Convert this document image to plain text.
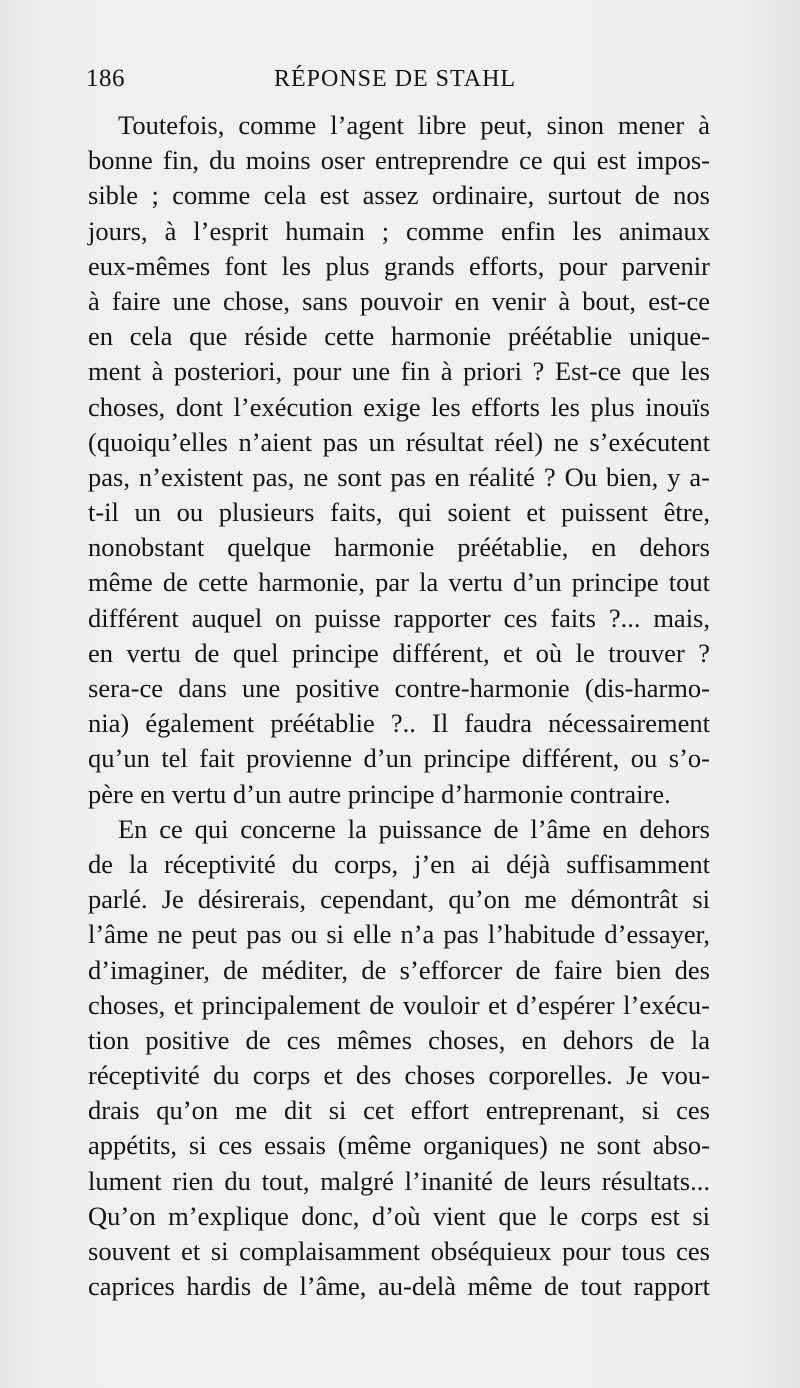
186	RÉPONSE DE STAHL
Toutefois, comme l’agent libre peut, sinon mener à
bonne fin, du moins oser entreprendre ce qui est impos-
sible ; comme cela est assez ordinaire, surtout de nos
jours, à l’esprit humain ; comme enfin les animaux
eux-mêmes font les plus grands efforts, pour parvenir
à faire une chose, sans pouvoir en venir à bout, est-ce
en cela que réside cette harmonie préétablie unique-
ment à posteriori, pour une fin à priori ? Est-ce que les
choses, dont l’exécution exige les efforts les plus inouïs
(quoiqu’elles n’aient pas un résultat réel) ne s’exécutent
pas, n’existent pas, ne sont pas en réalité ? Ou bien, y a-
t-il un ou plusieurs faits, qui soient et puissent être,
nonobstant quelque harmonie préétablie, en dehors
même de cette harmonie, par la vertu d’un principe tout
différent auquel on puisse rapporter ces faits ?... mais,
en vertu de quel principe différent, et où le trouver ?
sera-ce dans une positive contre-harmonie (dis-harmo-
nia) également préétablie ?.. Il faudra nécessairement
qu’un tel fait provienne d’un principe différent, ou s’o-
père en vertu d’un autre principe d’harmonie contraire.
En ce qui concerne la puissance de l’âme en dehors
de la réceptivité du corps, j’en ai déjà suffisamment
parlé. Je désirerais, cependant, qu’on me démontrât si
l’âme ne peut pas ou si elle n’a pas l’habitude d’essayer,
d’imaginer, de méditer, de s’efforcer de faire bien des
choses, et principalement de vouloir et d’espérer l’exécu-
tion positive de ces mêmes choses, en dehors de la
réceptivité du corps et des choses corporelles. Je vou-
drais qu’on me dit si cet effort entreprenant, si ces
appétits, si ces essais (même organiques) ne sont abso-
lument rien du tout, malgré l’inanité de leurs résultats...
Qu’on m’explique donc, d’où vient que le corps est si
souvent et si complaisamment obséquieux pour tous ces
caprices hardis de l’âme, au-delà même de tout rapport
